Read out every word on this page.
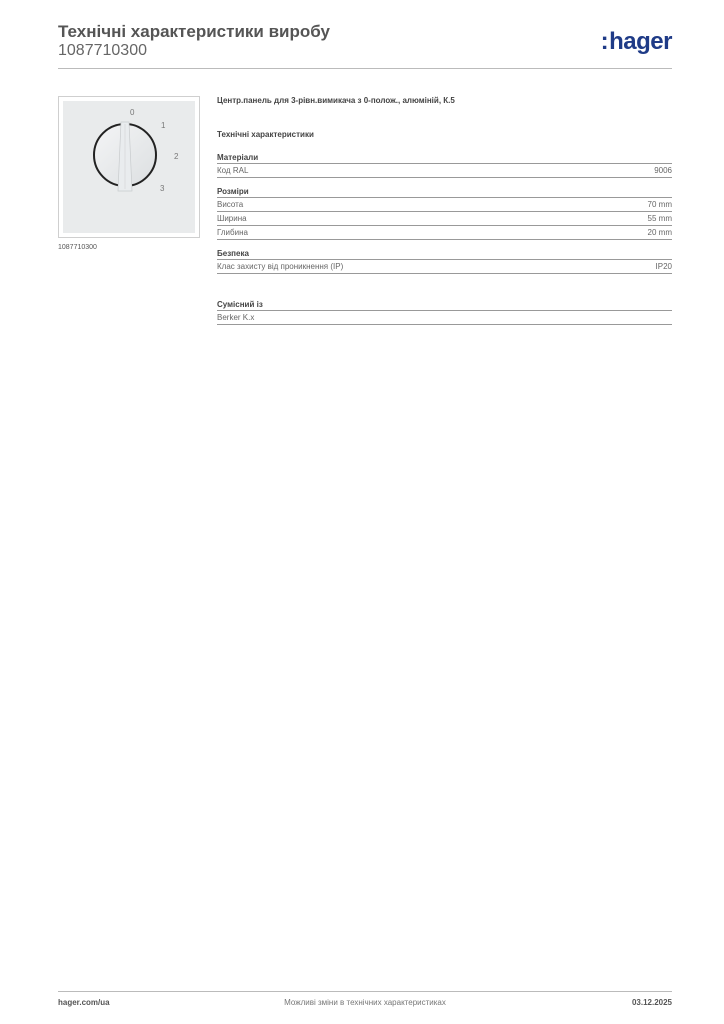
Технічні характеристики виробу
1087710300	:hager
0
1
2
3
1087710300
Центр.панель для 3-рівн.вимикача з 0-полож., алюміній, К.5
Технічні характеристики
Матеріали
Код RAL	9006
Розміри
Висота	70 mm
Ширина	55 mm
Глибина	20 mm
Безпека
Клас захисту від проникнення (IP)	IP20
Сумісний із
Berker K.x
hager.com/ua	Можливі зміни в технічних характеристиках	03.12.2025
